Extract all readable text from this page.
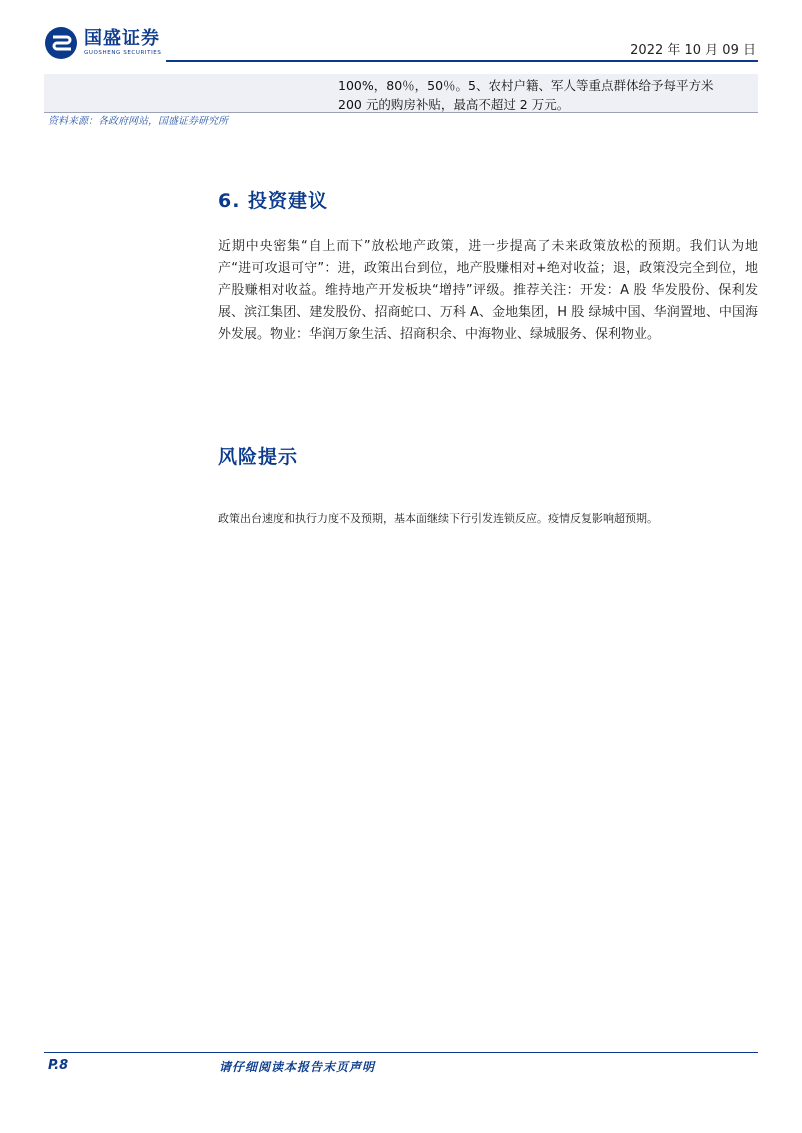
国盛证券
GUOSHENG SECURITIES	2022 年 10 月 09 日
100%，80％，50％。5、农村户籍、军人等重点群体给予每平方米
200 元的购房补贴，最高不超过 2 万元。
资料来源：各政府网站，国盛证券研究所
6. 投资建议
近期中央密集“自上而下”放松地产政策，进一步提高了未来政策放松的预期。我们认为地产“进可攻退可守”：进，政策出台到位，地产股赚相对+绝对收益；退，政策没完全到位，地产股赚相对收益。维持地产开发板块“增持”评级。推荐关注：开发：A 股 华发股份、保利发展、滨江集团、建发股份、招商蛇口、万科 A、金地集团，H 股 绿城中国、华润置地、中国海外发展。物业：华润万象生活、招商积余、中海物业、绿城服务、保利物业。
风险提示
政策出台速度和执行力度不及预期，基本面继续下行引发连锁反应。疫情反复影响超预期。
P.8	请仔细阅读本报告末页声明
